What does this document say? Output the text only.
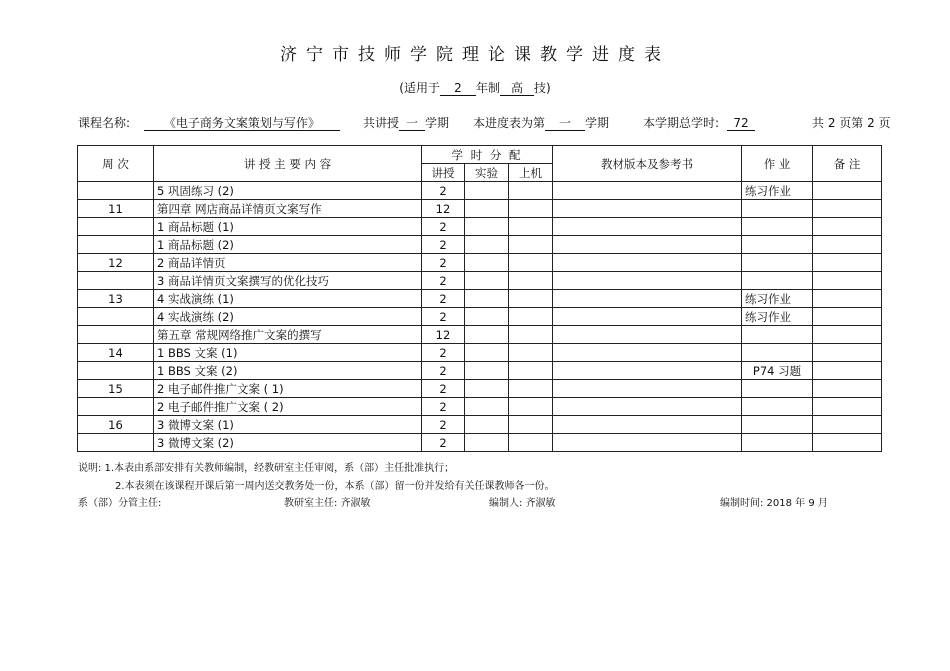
济宁市技师学院理论课教学进度表
(适用于 2 年制 高 技)
课程名称:	《电子商务文案策划与写作》	共讲授 一 学期 本进度表为第 一 学期	本学期总学时: 72	共 2 页第 2 页
周 次	讲 授 主 要 内 容	学 时 分 配			教材版本及参考书	作 业	备 注
		讲授	实验	上机			
	5 巩固练习 (2)	2				练习作业	
11	第四章 网店商品详情页文案写作	12					
	1 商品标题 (1)	2					
	1 商品标题 (2)	2					
12	2 商品详情页	2					
	3 商品详情页文案撰写的优化技巧	2					
13	4 实战演练 (1)	2				练习作业	
	4 实战演练 (2)	2				练习作业	
	第五章 常规网络推广文案的撰写	12					
14	1 BBS 文案 (1)	2					
	1 BBS 文案 (2)	2				P74 习题	
15	2 电子邮件推广文案 ( 1)	2					
	2 电子邮件推广文案 ( 2)	2					
16	3 微博文案 (1)	2					
	3 微博文案 (2)	2					
说明: 1.本表由系部安排有关教师编制，经教研室主任审阅，系（部）主任批准执行；
2.本表须在该课程开课后第一周内送交教务处一份，本系（部）留一份并发给有关任课教师各一份。
系（部）分管主任:	教研室主任: 齐淑敏	编制人: 齐淑敏	编制时间: 2018 年 9 月
